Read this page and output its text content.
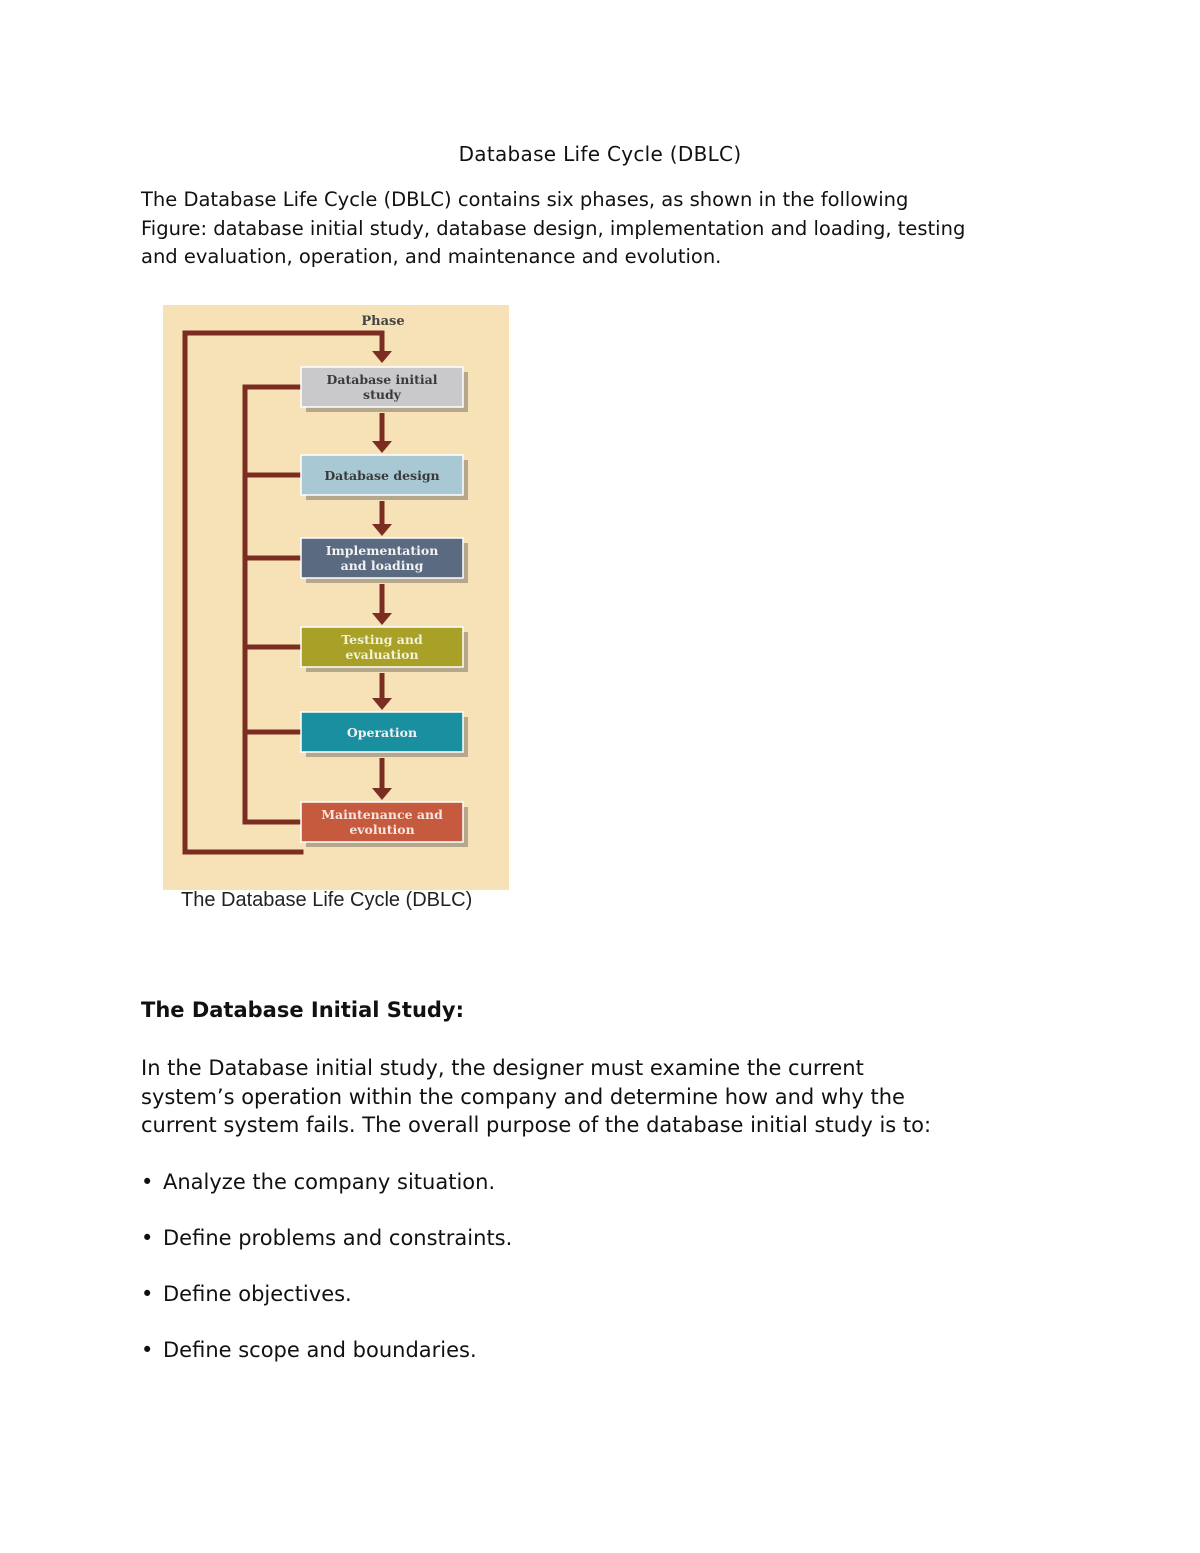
Database Life Cycle (DBLC)
The Database Life Cycle (DBLC) contains six phases, as shown in the following
Figure: database initial study, database design, implementation and loading, testing
and evaluation, operation, and maintenance and evolution.
Phase
Database initial
study
Database design
Implementation
and loading
Testing and
evaluation
Operation
Maintenance and
evolution
The Database Life Cycle (DBLC)
The Database Initial Study:
In the Database initial study, the designer must examine the current
system’s operation within the company and determine how and why the
current system fails. The overall purpose of the database initial study is to:
• Analyze the company situation.
• Define problems and constraints.
• Define objectives.
• Define scope and boundaries.
